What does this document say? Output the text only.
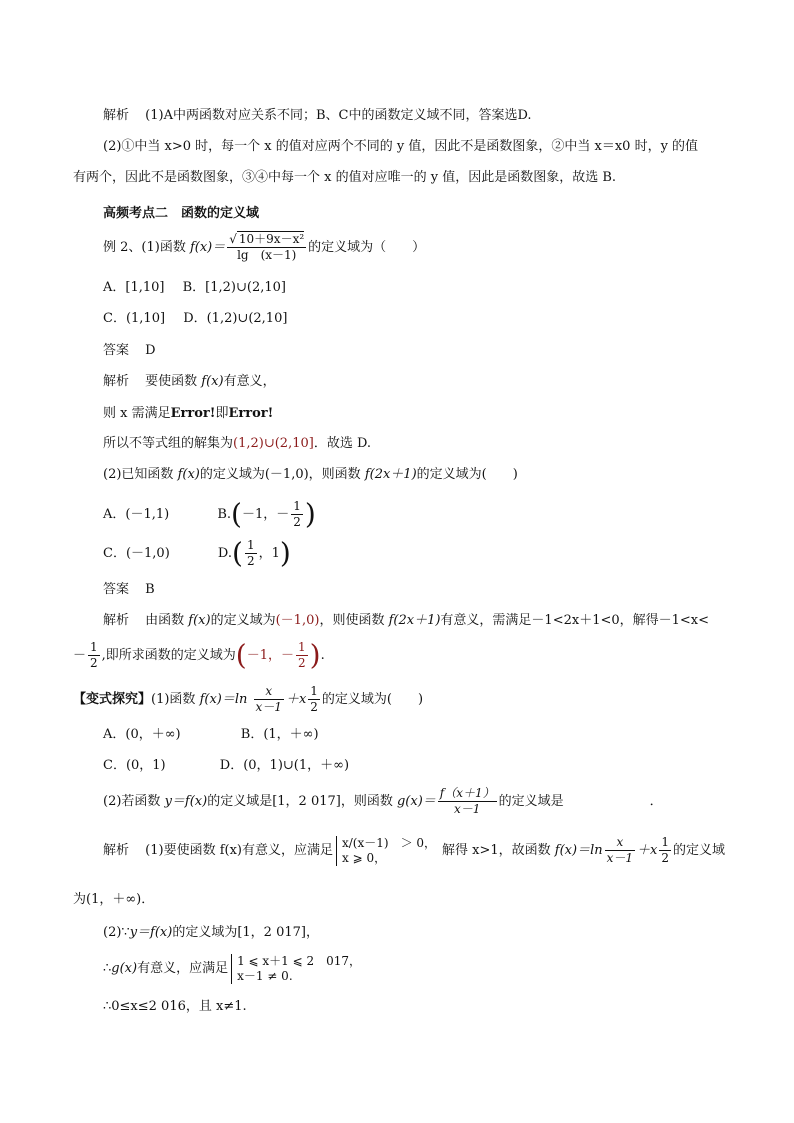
解析 (1)A中两函数对应关系不同；B、C中的函数定义域不同，答案选D.
(2)①中当 x>0 时，每一个 x 的值对应两个不同的 y 值，因此不是函数图象，②中当 x＝x0 时，y 的值
有两个，因此不是函数图象，③④中每一个 x 的值对应唯一的 y 值，因此是函数图象，故选 B.
高频考点二　函数的定义域
例 2、(1)函数 $f(x)= \frac{\text{√ 10＋9x－x²}}{\lg (x-1)}$ 的定义域为（　　）
A．[1,10] B．[1,2)∪(2,10]
C．(1,10] D．(1,2)∪(2,10]
答案 D
解析 要使函数 f(x)有意义，
则 x 需满足Error!即Error!
所以不等式组的解集为(1,2)∪(2,10]．故选 D.
(2)已知函数 f(x)的定义域为(－1,0)，则函数 f(2x＋1)的定义域为(　　)
A．(－1,1)	B.(－1，－ $\frac{1}{2}$ )
C．(－1,0)	$D.( \frac{1}{2}$ ，1)
答案 B
解析 由函数 f(x)的定义域为(－1,0)，则使函数 f(2x＋1)有意义，需满足－1<2x＋1<0，解得－1<x<
－ $\frac{1}{2}$ ,即所求函数的定义域为(－1，－ $\frac{1}{2}$ ).
【变式探究】(1)函数 $f(x)=\ln \frac{x}{x-1} +x \frac{1}{2}$ 的定义域为(　　)
A．(0，＋∞)	B．(1，＋∞)
C．(0，1)	D．(0，1)∪(1，＋∞)
(2)若函数 y＝f(x)的定义域是[1，2 017]，则函数 $g(x)= \frac{f(x+1)}{x-1}$ 的定义域是	．
解析 (1)要使函数 f(x)有意义，应满足
x/(x－1)　＞ 0，
x ⩾ 0，	解得 x>1，故函数 $f(x)=\ln \frac{x}{x-1} +x \frac{1}{2}$ 的定义域
为(1，＋∞)．
(2)∵y＝f(x)的定义域为[1，2 017]，
∴g(x)有意义，应满足
1 ⩽ x＋1 ⩽ 2　017，
x－1 ≠ 0.
∴0≤x≤2 016，且 x≠1.
